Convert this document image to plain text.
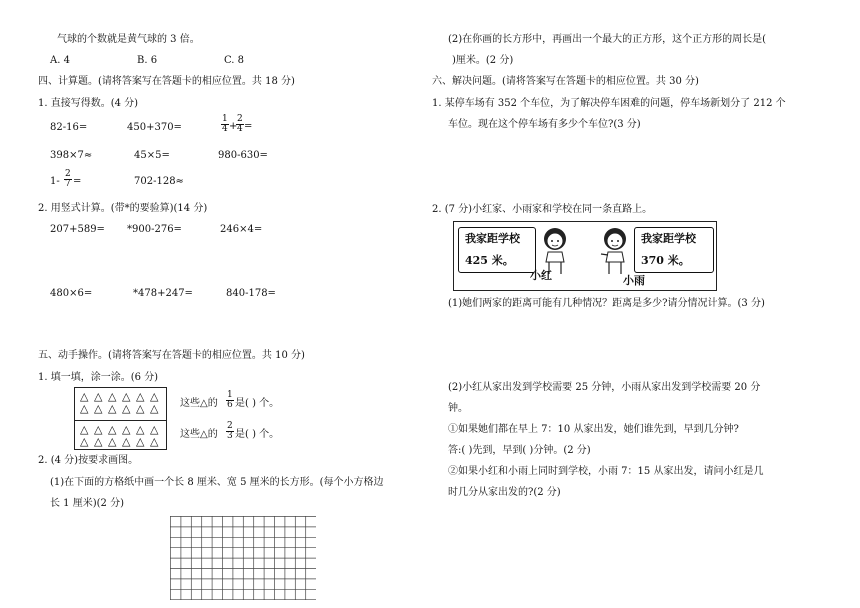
气球的个数就是黄气球的 3 倍。
A. 4	B. 6	C. 8
四、计算题。(请将答案写在答题卡的相应位置。共 18 分)
1. 直接写得数。(4 分)
82-16=	450+370=	$\frac{1}{4}$ +
$\frac{2}{4}$ =
398×7≈	45×5=	980-630=
$1- \frac{2}{7}$ =	702-128≈
2. 用竖式计算。(带*的要验算)(14 分)
207+589= *900-276=	246×4=
480×6=	*478+247=	840-178=
五、动手操作。(请将答案写在答题卡的相应位置。共 10 分)
1. 填一填，涂一涂。(6 分)
△ △ △ △ △ △
△ △ △ △ △ △ 这些△的 $\frac{1}{6}$ 是( ) 个。
△ △ △ △ △ △
△ △ △ △ △ △
这些△的 $\frac{2}{3}$ 是( ) 个。
2. (4 分)按要求画图。
(1)在下面的方格纸中画一个长 8 厘米、宽 5 厘米的长方形。(每个小方格边
长 1 厘米)(2 分)
(2)在你画的长方形中，再画出一个最大的正方形，这个正方形的周长是(
)厘米。(2 分)
六、解决问题。(请将答案写在答题卡的相应位置。共 30 分)
1. 某停车场有 352 个车位，为了解决停车困难的问题，停车场新划分了 212 个
车位。现在这个停车场有多少个车位?(3 分)
2. (7 分)小红家、小雨家和学校在同一条直路上。
我家距学校
425 米。
我家距学校
370 米。
小红	小雨
(1)她们两家的距离可能有几种情况？距离是多少?请分情况计算。(3 分)
(2)小红从家出发到学校需要 25 分钟，小雨从家出发到学校需要 20 分
钟。
①如果她们都在早上 7：10 从家出发，她们谁先到，早到几分钟?
答:( )先到，早到( )分钟。(2 分)
②如果小红和小雨上同时到学校，小雨 7：15 从家出发，请问小红是几
时几分从家出发的?(2 分)
